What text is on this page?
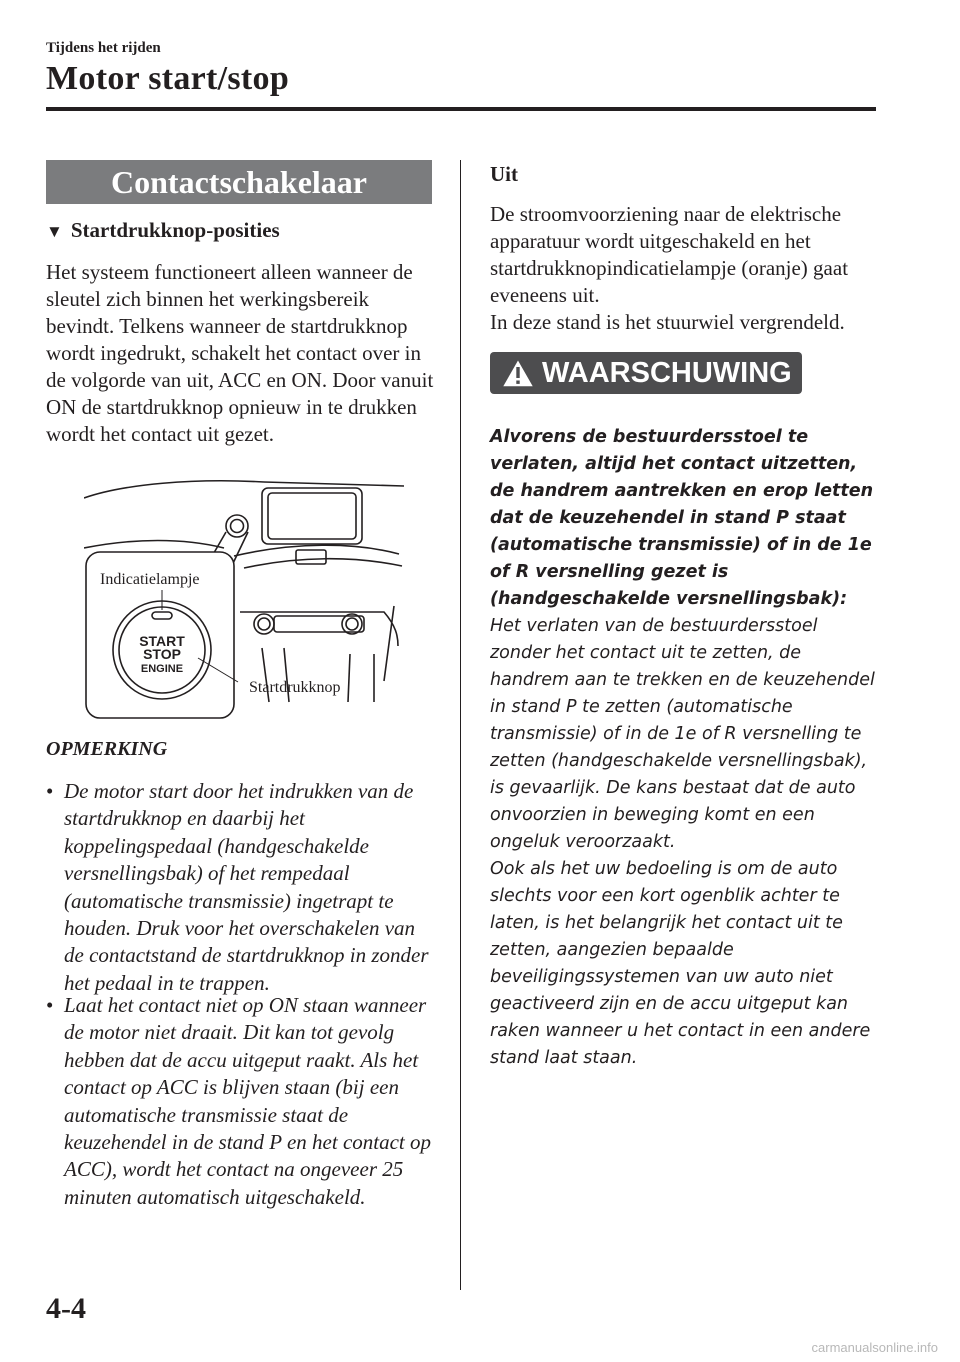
Tijdens het rijden
Motor start/stop
Contactschakelaar
▼ Startdrukknop-posities
Het systeem functioneert alleen wanneer de sleutel zich binnen het werkingsbereik bevindt. Telkens wanneer de startdrukknop wordt ingedrukt, schakelt het contact over in de volgorde van uit, ACC en ON. Door vanuit ON de startdrukknop opnieuw in te drukken wordt het contact uit gezet.
Indicatielampje
Startdrukknop
START
STOP
ENGINE
OPMERKING
• De motor start door het indrukken van de startdrukknop en daarbij het koppelingspedaal (handgeschakelde versnellingsbak) of het rempedaal (automatische transmissie) ingetrapt te houden. Druk voor het overschakelen van de contactstand de startdrukknop in zonder het pedaal in te trappen.
• Laat het contact niet op ON staan wanneer de motor niet draait. Dit kan tot gevolg hebben dat de accu uitgeput raakt. Als het contact op ACC is blijven staan (bij een automatische transmissie staat de keuzehendel in de stand P en het contact op ACC), wordt het contact na ongeveer 25 minuten automatisch uitgeschakeld.
Uit
De stroomvoorziening naar de elektrische apparatuur wordt uitgeschakeld en het startdrukknopindicatielampje (oranje) gaat eveneens uit.
In deze stand is het stuurwiel vergrendeld.
WAARSCHUWING
Alvorens de bestuurdersstoel te verlaten, altijd het contact uitzetten, de handrem aantrekken en erop letten dat de keuzehendel in stand P staat (automatische transmissie) of in de 1e of R versnelling gezet is (handgeschakelde versnellingsbak):
Het verlaten van de bestuurdersstoel zonder het contact uit te zetten, de handrem aan te trekken en de keuzehendel in stand P te zetten (automatische transmissie) of in de 1e of R versnelling te zetten (handgeschakelde versnellingsbak), is gevaarlijk. De kans bestaat dat de auto onvoorzien in beweging komt en een ongeluk veroorzaakt.
Ook als het uw bedoeling is om de auto slechts voor een kort ogenblik achter te laten, is het belangrijk het contact uit te zetten, aangezien bepaalde beveiligingssystemen van uw auto niet geactiveerd zijn en de accu uitgeput kan raken wanneer u het contact in een andere stand laat staan.
4-4
carmanualsonline.info
